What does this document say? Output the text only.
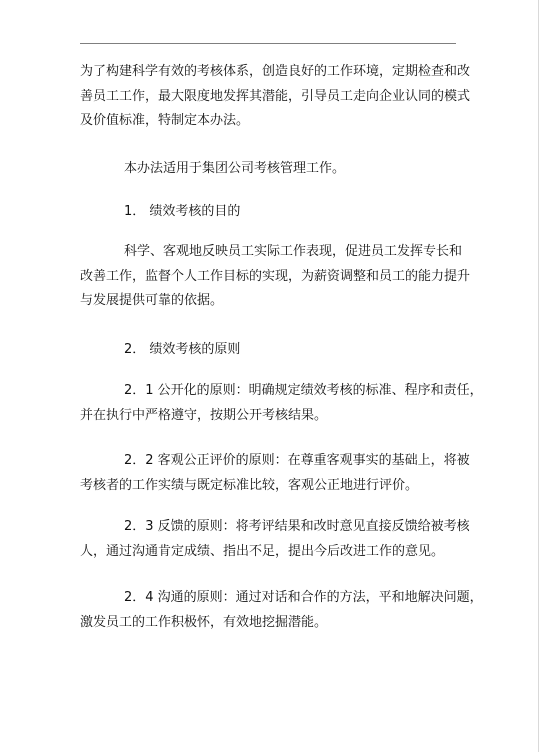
为了构建科学有效的考核体系，创造良好的工作环境，定期检查和改
善员工工作，最大限度地发挥其潜能，引导员工走向企业认同的模式
及价值标准，特制定本办法。
本办法适用于集团公司考核管理工作。
1． 绩效考核的目的
科学、客观地反映员工实际工作表现，促进员工发挥专长和
改善工作，监督个人工作目标的实现，为薪资调整和员工的能力提升
与发展提供可靠的依据。
2． 绩效考核的原则
2．1 公开化的原则：明确规定绩效考核的标准、程序和责任，
并在执行中严格遵守，按期公开考核结果。
2．2 客观公正评价的原则：在尊重客观事实的基础上，将被
考核者的工作实绩与既定标准比较，客观公正地进行评价。
2．3 反馈的原则：将考评结果和改时意见直接反馈给被考核
人，通过沟通肯定成绩、指出不足，提出今后改进工作的意见。
2．4 沟通的原则：通过对话和合作的方法，平和地解决问题，
激发员工的工作积极怀，有效地挖掘潜能。
